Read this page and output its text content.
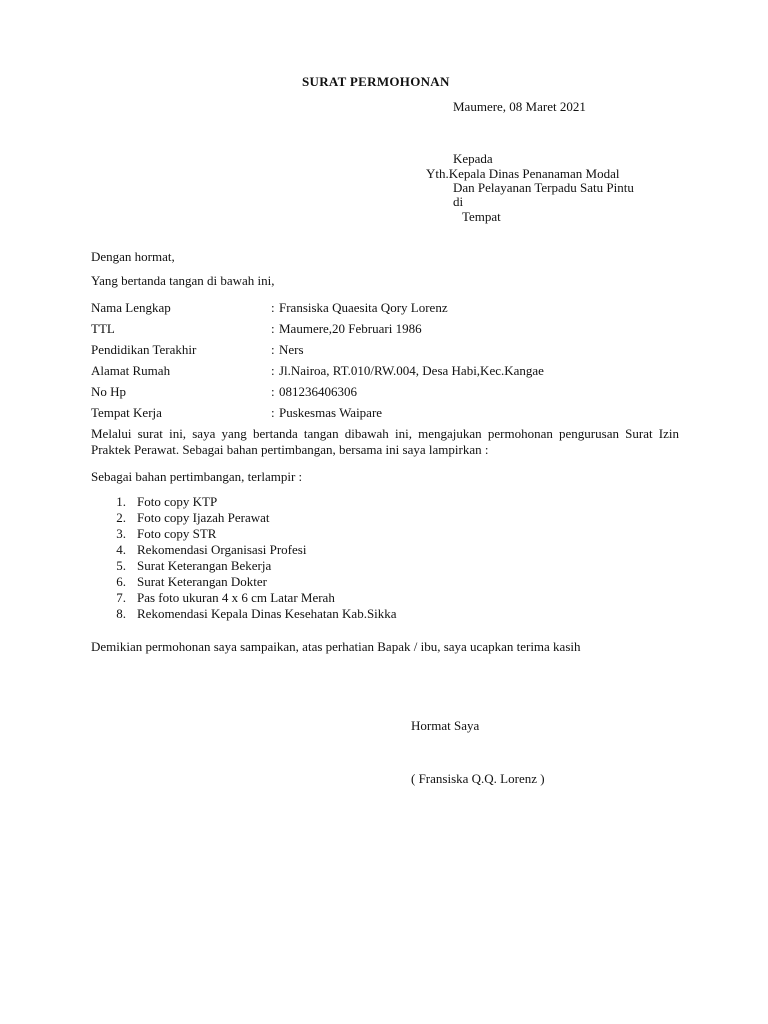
SURAT PERMOHONAN
Maumere, 08 Maret 2021
Kepada
Yth.Kepala Dinas Penanaman Modal
Dan Pelayanan Terpadu Satu Pintu
di
Tempat
Dengan hormat,
Yang bertanda tangan di bawah ini,
Nama Lengkap	: Fransiska Quaesita Qory Lorenz
TTL	: Maumere,20 Februari 1986
Pendidikan Terakhir	: Ners
Alamat Rumah	: Jl.Nairoa, RT.010/RW.004, Desa Habi,Kec.Kangae
No Hp	: 081236406306
Tempat Kerja	: Puskesmas Waipare
Melalui surat ini, saya yang bertanda tangan dibawah ini, mengajukan permohonan pengurusan Surat Izin Praktek Perawat. Sebagai bahan pertimbangan, bersama ini saya lampirkan :
Sebagai bahan pertimbangan, terlampir :
1. Foto copy KTP
2. Foto copy Ijazah Perawat
3. Foto copy STR
4. Rekomendasi Organisasi Profesi
5. Surat Keterangan Bekerja
6. Surat Keterangan Dokter
7. Pas foto ukuran 4 x 6 cm Latar Merah
8. Rekomendasi Kepala Dinas Kesehatan Kab.Sikka
Demikian permohonan saya sampaikan, atas perhatian Bapak / ibu, saya ucapkan terima kasih
Hormat Saya
( Fransiska Q.Q. Lorenz )
